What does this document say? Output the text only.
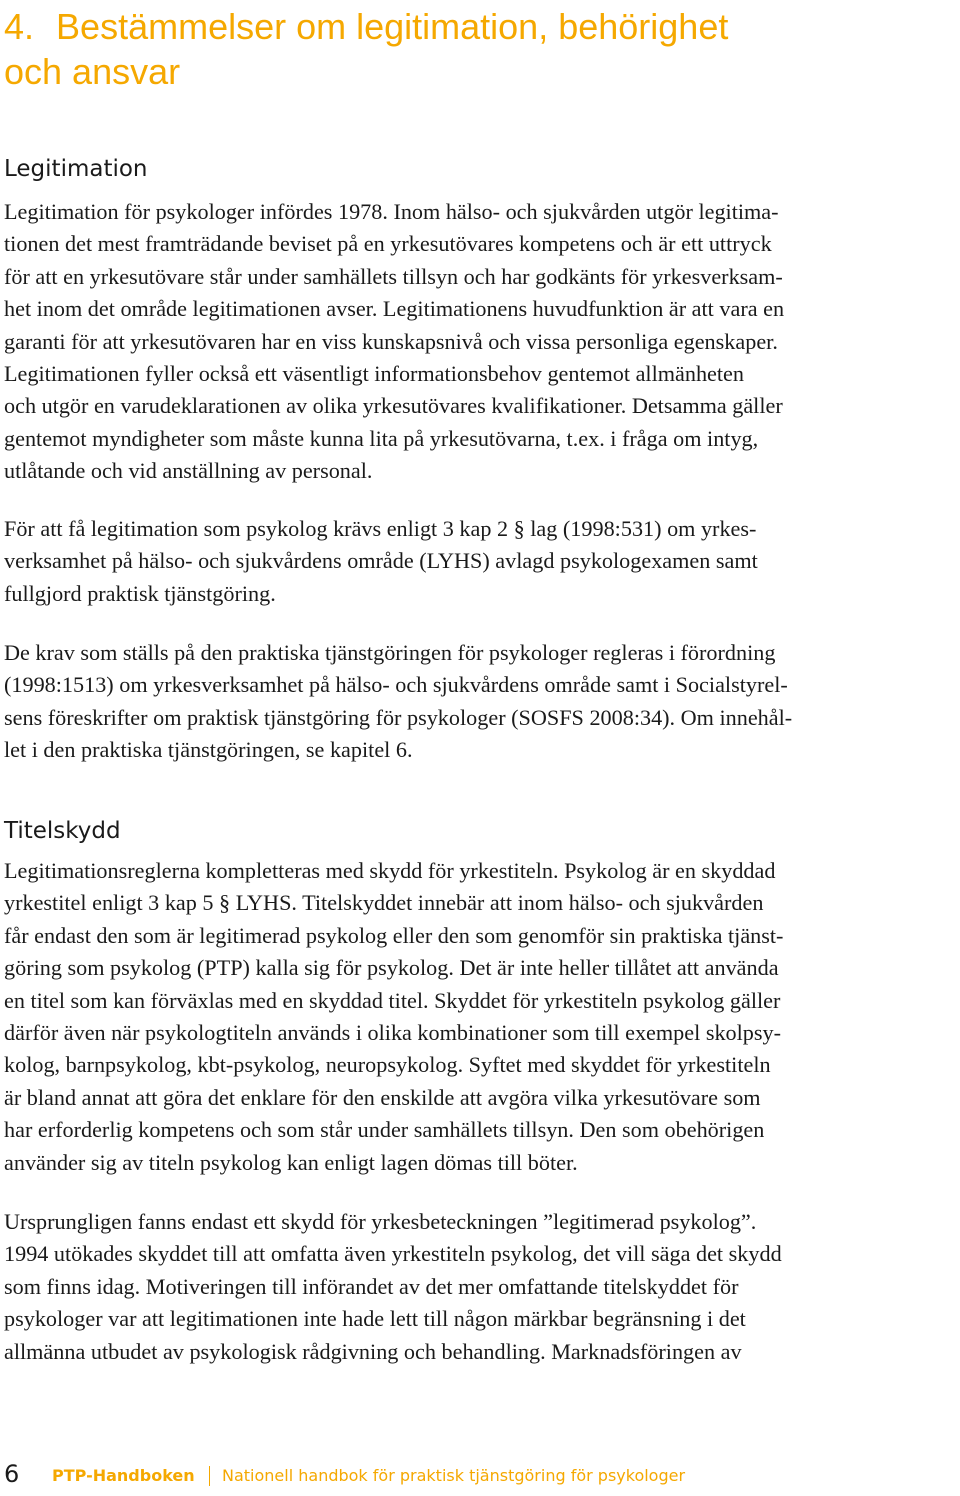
4. Bestämmelser om legitimation, behörighet
och ansvar
Legitimation

Legitimation för psykologer infördes 1978. Inom hälso- och sjukvården utgör legitima-
tionen det mest framträdande beviset på en yrkesutövares kompetens och är ett uttryck
för att en yrkesutövare står under samhällets tillsyn och har godkänts för yrkesverksam-
het inom det område legitimationen avser. Legitimationens huvudfunktion är att vara en
garanti för att yrkesutövaren har en viss kunskapsnivå och vissa personliga egenskaper.
Legitimationen fyller också ett väsentligt informationsbehov gentemot allmänheten
och utgör en varudeklarationen av olika yrkesutövares kvalifikationer. Detsamma gäller
gentemot myndigheter som måste kunna lita på yrkesutövarna, t.ex. i fråga om intyg,
utlåtande och vid anställning av personal.

För att få legitimation som psykolog krävs enligt 3 kap 2 § lag (1998:531) om yrkes-
verksamhet på hälso- och sjukvårdens område (LYHS) avlagd psykologexamen samt
fullgjord praktisk tjänstgöring.

De krav som ställs på den praktiska tjänstgöringen för psykologer regleras i förordning
(1998:1513) om yrkesverksamhet på hälso- och sjukvårdens område samt i Socialstyrel-
sens föreskrifter om praktisk tjänstgöring för psykologer (SOSFS 2008:34). Om innehål-
let i den praktiska tjänstgöringen, se kapitel 6.

Titelskydd

Legitimationsreglerna kompletteras med skydd för yrkestiteln. Psykolog är en skyddad
yrkestitel enligt 3 kap 5 § LYHS. Titelskyddet innebär att inom hälso- och sjukvården
får endast den som är legitimerad psykolog eller den som genomför sin praktiska tjänst-
göring som psykolog (PTP) kalla sig för psykolog. Det är inte heller tillåtet att använda
en titel som kan förväxlas med en skyddad titel. Skyddet för yrkestiteln psykolog gäller
därför även när psykologtiteln används i olika kombinationer som till exempel skolpsy-
kolog, barnpsykolog, kbt-psykolog, neuropsykolog. Syftet med skyddet för yrkestiteln
är bland annat att göra det enklare för den enskilde att avgöra vilka yrkesutövare som
har erforderlig kompetens och som står under samhällets tillsyn. Den som obehörigen
använder sig av titeln psykolog kan enligt lagen dömas till böter.

Ursprungligen fanns endast ett skydd för yrkesbeteckningen ”legitimerad psykolog”.
1994 utökades skyddet till att omfatta även yrkestiteln psykolog, det vill säga det skydd
som finns idag. Motiveringen till införandet av det mer omfattande titelskyddet för
psykologer var att legitimationen inte hade lett till någon märkbar begränsning i det
allmänna utbudet av psykologisk rådgivning och behandling. Marknadsföringen av

6 PTP-Handboken Nationell handbok för praktisk tjänstgöring för psykologer
